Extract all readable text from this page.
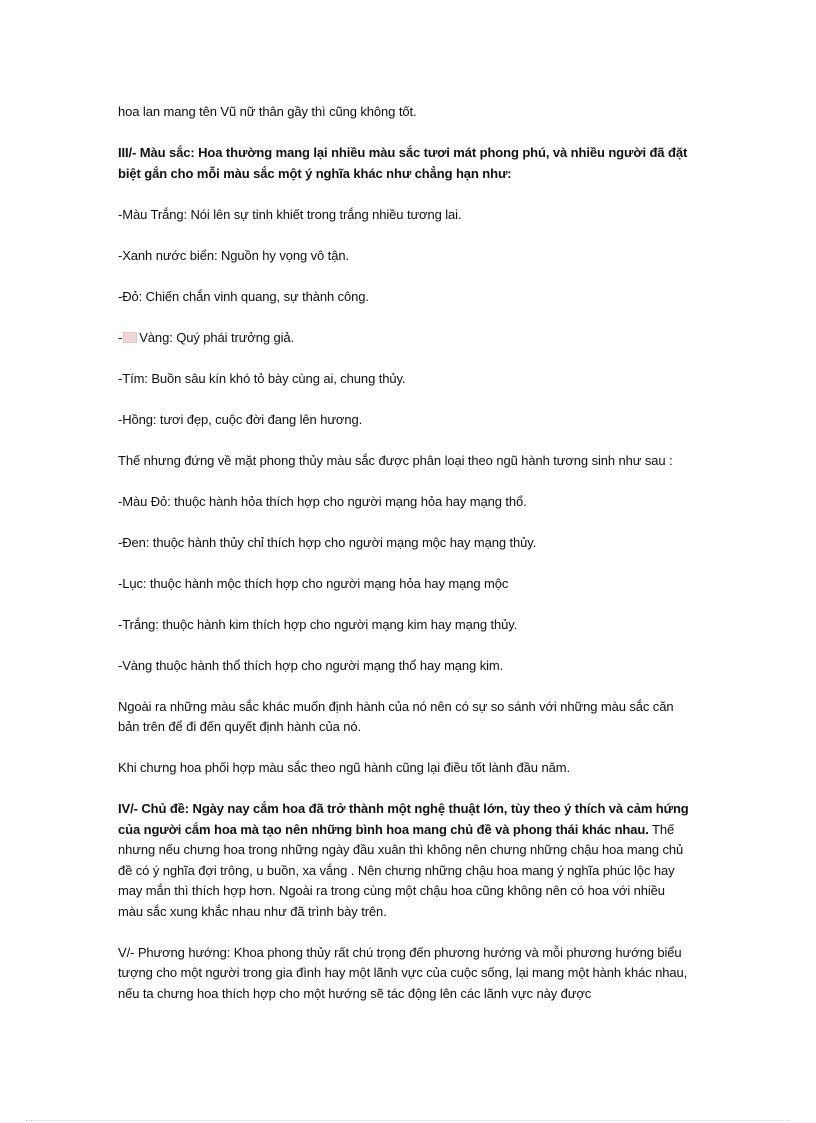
hoa lan mang tên Vũ nữ thân gầy thì cũng không tốt.

III/- Màu sắc: Hoa thường mang lại nhiều màu sắc tươi mát phong phú, và nhiều người đã đặt biệt gắn cho mỗi màu sắc một ý nghĩa khác như chẳng hạn như:

-Màu Trắng: Nói lên sự tinh khiết trong trắng nhiều tương lai.

-Xanh nước biển: Nguồn hy vọng vô tận.

-Đỏ: Chiến chắn vinh quang, sự thành công.

- Vàng: Quý phái trưởng giả.

-Tím: Buồn sâu kín khó tỏ bày cùng ai, chung thủy.

-Hồng: tươi đẹp, cuộc đời đang lên hương.

Thế nhưng đứng về mặt phong thủy màu sắc được phân loại theo ngũ hành tương sinh như sau :

-Màu Đỏ: thuộc hành hỏa thích hợp cho người mạng hỏa hay mạng thổ.

-Đen: thuộc hành thủy chỉ thích hợp cho người mạng mộc hay mạng thủy.

-Lục: thuộc hành mộc thích hợp cho người mạng hỏa hay mạng mộc

-Trắng: thuộc hành kim thích hợp cho người mạng kim hay mạng thủy.

-Vàng thuộc hành thổ thích hợp cho người mạng thổ hay mạng kim.

Ngoài ra những màu sắc khác muốn định hành của nó nên có sự so sánh với những màu sắc căn bản trên để đi đến quyết định hành của nó.

Khi chưng hoa phối hợp màu sắc theo ngũ hành cũng lại điều tốt lành đầu năm.

IV/- Chủ đề: Ngày nay cắm hoa đã trở thành một nghệ thuật lớn, tùy theo ý thích và cảm hứng của người cắm hoa mà tạo nên những bình hoa mang chủ đề và phong thái khác nhau. Thế nhưng nếu chưng hoa trong những ngày đầu xuân thì không nên chưng những chậu hoa mang chủ đề có ý nghĩa đợi trông, u buồn, xa vắng . Nên chưng những chậu hoa mang ý nghĩa phúc lộc hay may mắn thì thích hợp hơn. Ngoài ra trong cùng một chậu hoa cũng không nên có hoa với nhiều màu sắc xung khắc nhau như đã trình bày trên.

V/- Phương hướng: Khoa phong thủy rất chú trọng đến phương hướng và mỗi phương hướng biểu tượng cho một người trong gia đình hay một lãnh vực của cuộc sống, lại mang một hành khác nhau, nếu ta chưng hoa thích hợp cho một hướng sẽ tác động lên các lãnh vực này được
